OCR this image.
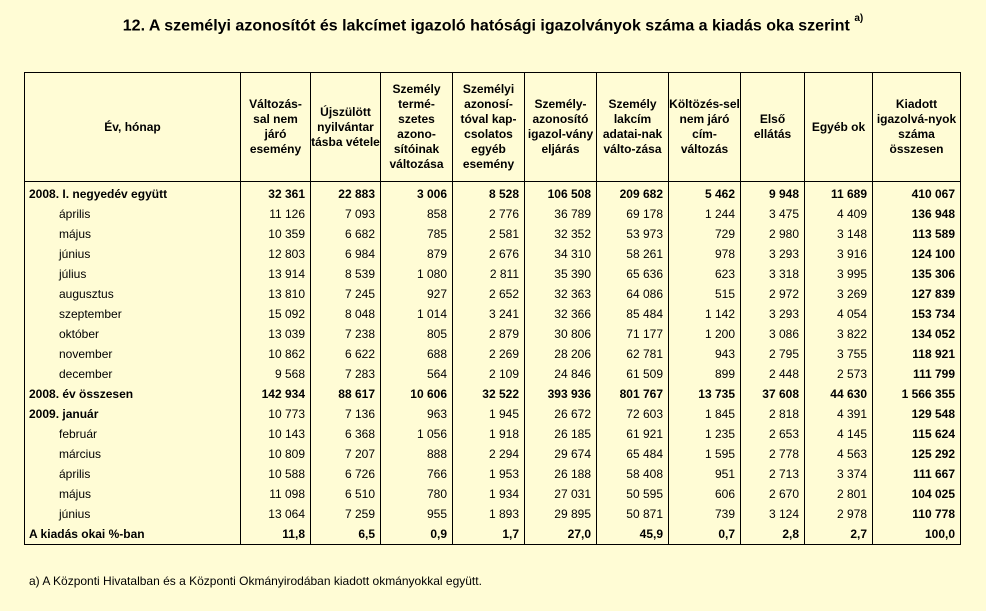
12. A személyi azonosítót és lakcímet igazoló hatósági igazolványok száma a kiadás oka szerint $^{a)}$
Év, hónap	Változás-sal nem járó esemény	Újszülött nyilvántar tásba vétele	Személy termé-szetes azono-sítóinak változása	Személyi azonosí-tóval kap-csolatos egyéb esemény	Személy-azonosító igazol-vány eljárás	Személy lakcím adatai-nak válto-zása	Költözés-sel nem járó cím-változás	Első ellátás	Egyéb ok	Kiadott igazolvá-nyok száma összesen
2008. I. negyedév együtt	32 361	22 883	3 006	8 528	106 508	209 682	5 462	9 948	11 689	410 067
április	11 126	7 093	858	2 776	36 789	69 178	1 244	3 475	4 409	136 948
május	10 359	6 682	785	2 581	32 352	53 973	729	2 980	3 148	113 589
június	12 803	6 984	879	2 676	34 310	58 261	978	3 293	3 916	124 100
július	13 914	8 539	1 080	2 811	35 390	65 636	623	3 318	3 995	135 306
augusztus	13 810	7 245	927	2 652	32 363	64 086	515	2 972	3 269	127 839
szeptember	15 092	8 048	1 014	3 241	32 366	85 484	1 142	3 293	4 054	153 734
október	13 039	7 238	805	2 879	30 806	71 177	1 200	3 086	3 822	134 052
november	10 862	6 622	688	2 269	28 206	62 781	943	2 795	3 755	118 921
december	9 568	7 283	564	2 109	24 846	61 509	899	2 448	2 573	111 799
2008. év összesen	142 934	88 617	10 606	32 522	393 936	801 767	13 735	37 608	44 630	1 566 355
2009. január	10 773	7 136	963	1 945	26 672	72 603	1 845	2 818	4 391	129 548
február	10 143	6 368	1 056	1 918	26 185	61 921	1 235	2 653	4 145	115 624
március	10 809	7 207	888	2 294	29 674	65 484	1 595	2 778	4 563	125 292
április	10 588	6 726	766	1 953	26 188	58 408	951	2 713	3 374	111 667
május	11 098	6 510	780	1 934	27 031	50 595	606	2 670	2 801	104 025
június	13 064	7 259	955	1 893	29 895	50 871	739	3 124	2 978	110 778
A kiadás okai %-ban	11,8	6,5	0,9	1,7	27,0	45,9	0,7	2,8	2,7	100,0
a) A Központi Hivatalban és a Központi Okmányirodában kiadott okmányokkal együtt.
